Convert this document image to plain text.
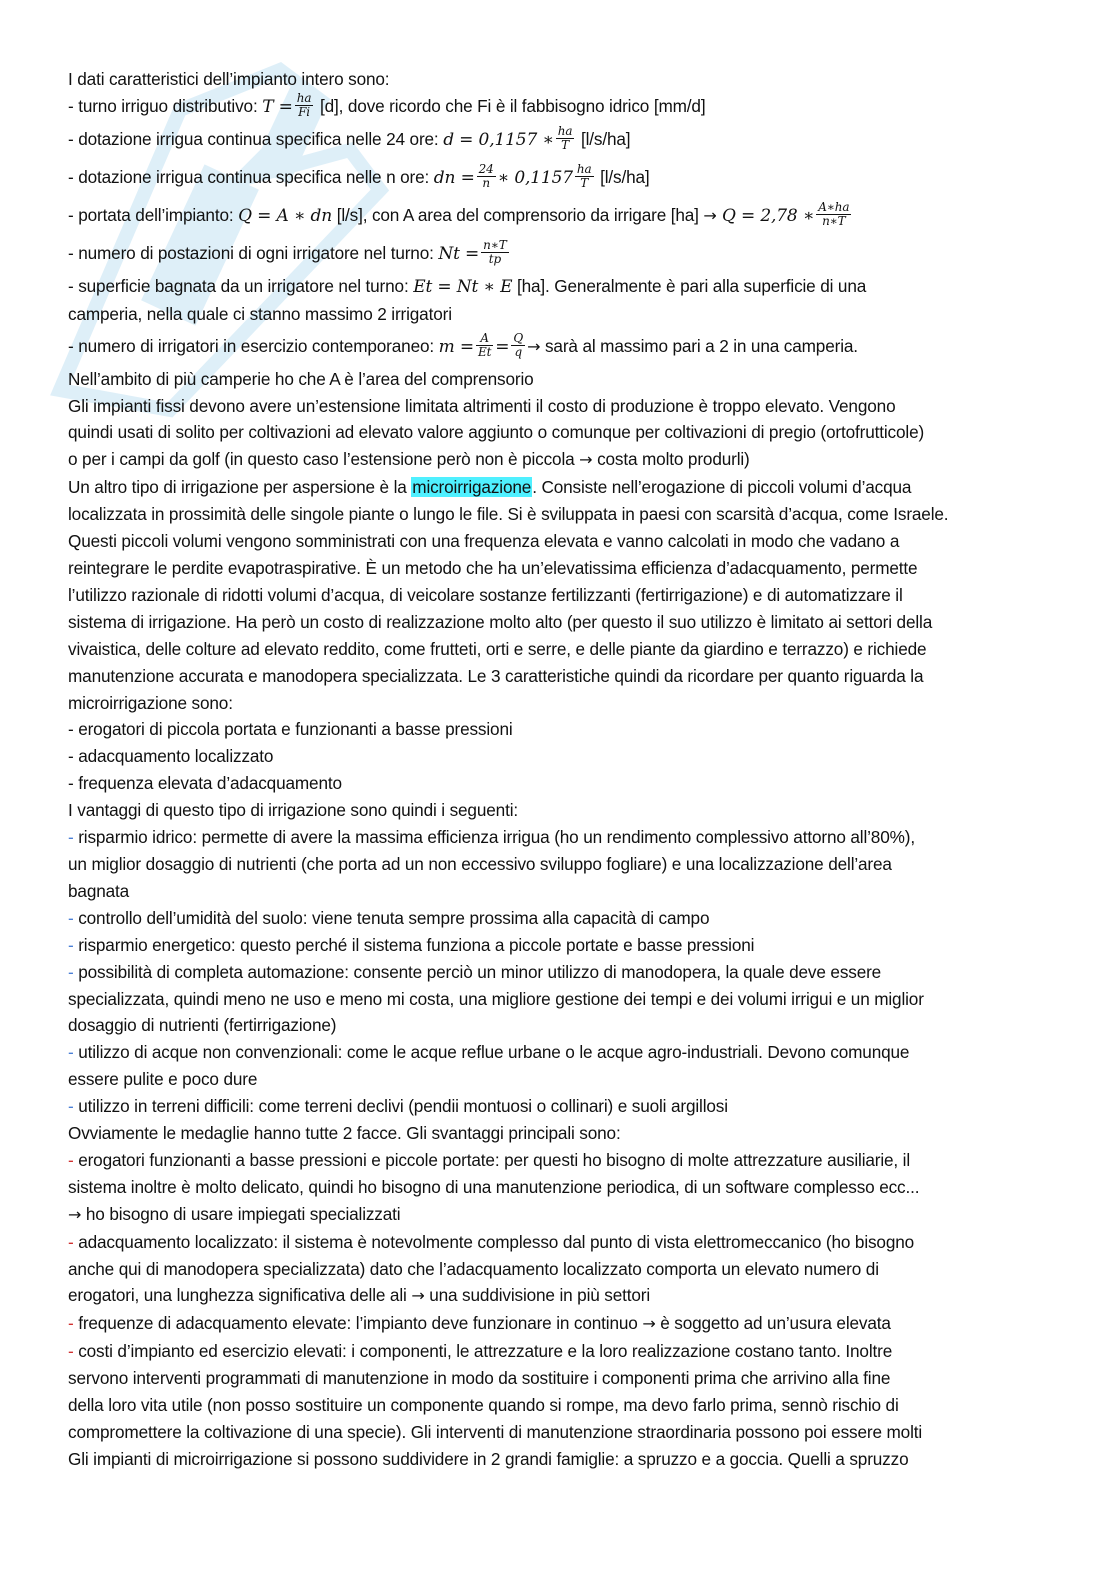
I dati caratteristici dell’impianto intero sono:
- turno irriguo distributivo: $T = \frac{ha}{Fi} [d]$, dove ricordo che Fi è il fabbisogno idrico [mm/d]
- dotazione irrigua continua specifica nelle 24 ore: d = 0,1157 ∗ $\frac{ha}{T} [l/s/ha]$
- dotazione irrigua continua specifica nelle n ore: dn = $\frac{24}{n}$ ∗ $0,1157 \frac{ha}{T} [l/s/ha]$
- portata dell’impianto: Q = A ∗ dn [l/s], con A area del comprensorio da irrigare [ha] → Q = 2,78 ∗ $\frac{A∗ha}{n∗T}$
- numero di postazioni di ogni irrigatore nel turno: $Nt = \frac{n∗T}{tp}$
- superficie bagnata da un irrigatore nel turno: Et = Nt ∗ E [ha]. Generalmente è pari alla superficie di una
camperia, nella quale ci stanno massimo 2 irrigatori
- numero di irrigatori in esercizio contemporaneo: $m = \frac{A}{Et} = \frac{Q}{q}$ → sarà al massimo pari a 2 in una camperia.
Nell’ambito di più camperie ho che A è l’area del comprensorio
Gli impianti fissi devono avere un’estensione limitata altrimenti il costo di produzione è troppo elevato. Vengono
quindi usati di solito per coltivazioni ad elevato valore aggiunto o comunque per coltivazioni di pregio (ortofrutticole)
o per i campi da golf (in questo caso l’estensione però non è piccola → costa molto produrli)
Un altro tipo di irrigazione per aspersione è la microirrigazione. Consiste nell’erogazione di piccoli volumi d’acqua
localizzata in prossimità delle singole piante o lungo le file. Si è sviluppata in paesi con scarsità d’acqua, come Israele.
Questi piccoli volumi vengono somministrati con una frequenza elevata e vanno calcolati in modo che vadano a
reintegrare le perdite evapotraspirative. È un metodo che ha un’elevatissima efficienza d’adacquamento, permette
l’utilizzo razionale di ridotti volumi d’acqua, di veicolare sostanze fertilizzanti (fertirrigazione) e di automatizzare il
sistema di irrigazione. Ha però un costo di realizzazione molto alto (per questo il suo utilizzo è limitato ai settori della
vivaistica, delle colture ad elevato reddito, come frutteti, orti e serre, e delle piante da giardino e terrazzo) e richiede
manutenzione accurata e manodopera specializzata. Le 3 caratteristiche quindi da ricordare per quanto riguarda la
microirrigazione sono:
- erogatori di piccola portata e funzionanti a basse pressioni
- adacquamento localizzato
- frequenza elevata d’adacquamento
I vantaggi di questo tipo di irrigazione sono quindi i seguenti:
- risparmio idrico: permette di avere la massima efficienza irrigua (ho un rendimento complessivo attorno all’80%),
un miglior dosaggio di nutrienti (che porta ad un non eccessivo sviluppo fogliare) e una localizzazione dell’area
bagnata
- controllo dell’umidità del suolo: viene tenuta sempre prossima alla capacità di campo
- risparmio energetico: questo perché il sistema funziona a piccole portate e basse pressioni
- possibilità di completa automazione: consente perciò un minor utilizzo di manodopera, la quale deve essere
specializzata, quindi meno ne uso e meno mi costa, una migliore gestione dei tempi e dei volumi irrigui e un miglior
dosaggio di nutrienti (fertirrigazione)
- utilizzo di acque non convenzionali: come le acque reflue urbane o le acque agro-industriali. Devono comunque
essere pulite e poco dure
- utilizzo in terreni difficili: come terreni declivi (pendii montuosi o collinari) e suoli argillosi
Ovviamente le medaglie hanno tutte 2 facce. Gli svantaggi principali sono:
- erogatori funzionanti a basse pressioni e piccole portate: per questi ho bisogno di molte attrezzature ausiliarie, il
sistema inoltre è molto delicato, quindi ho bisogno di una manutenzione periodica, di un software complesso ecc...
→ ho bisogno di usare impiegati specializzati
- adacquamento localizzato: il sistema è notevolmente complesso dal punto di vista elettromeccanico (ho bisogno
anche qui di manodopera specializzata) dato che l’adacquamento localizzato comporta un elevato numero di
erogatori, una lunghezza significativa delle ali → una suddivisione in più settori
- frequenze di adacquamento elevate: l’impianto deve funzionare in continuo → è soggetto ad un’usura elevata
- costi d’impianto ed esercizio elevati: i componenti, le attrezzature e la loro realizzazione costano tanto. Inoltre
servono interventi programmati di manutenzione in modo da sostituire i componenti prima che arrivino alla fine
della loro vita utile (non posso sostituire un componente quando si rompe, ma devo farlo prima, sennò rischio di
compromettere la coltivazione di una specie). Gli interventi di manutenzione straordinaria possono poi essere molti
Gli impianti di microirrigazione si possono suddividere in 2 grandi famiglie: a spruzzo e a goccia. Quelli a spruzzo
